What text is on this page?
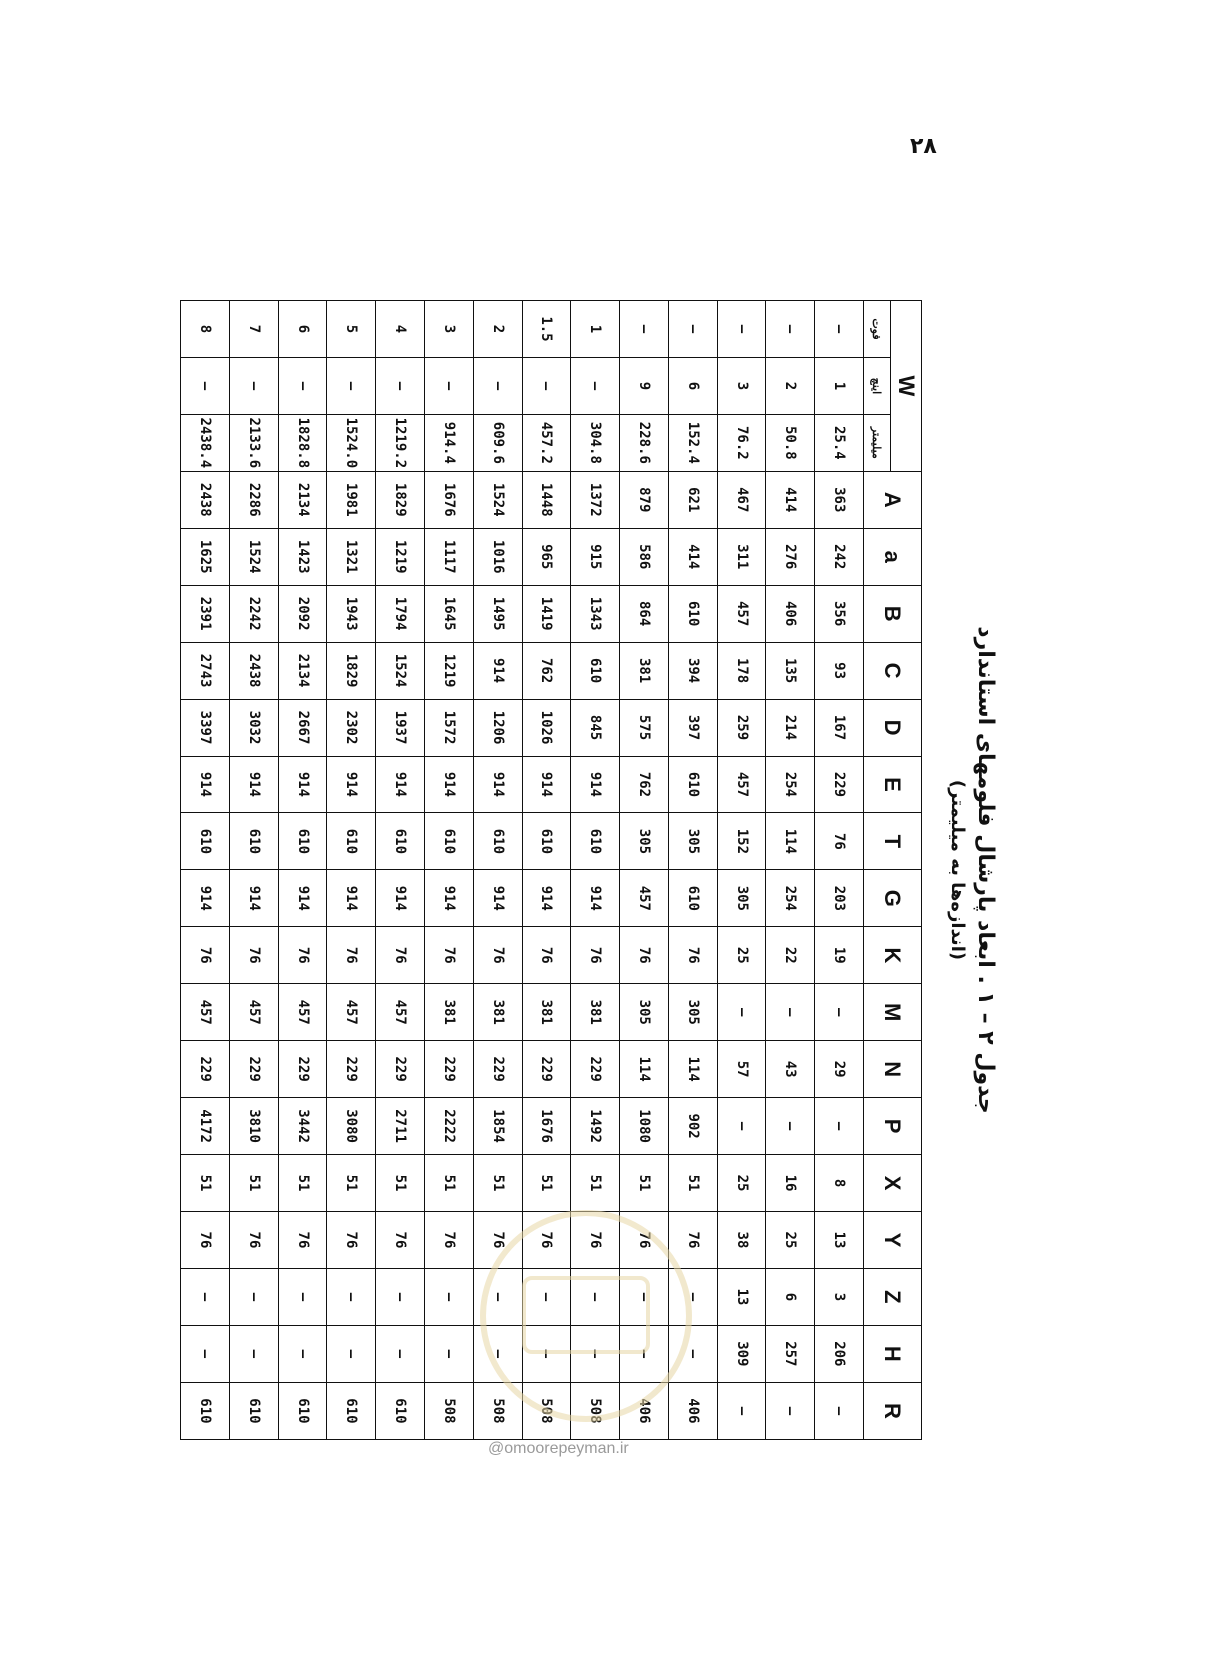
۲۸
جدول ۲ – ۱ . ابعاد پارشال فلومهای استاندارد
(اندازه‌ها به میلیمتر)
W			A	a	B	C	D	E	T	G	K	M	N	P	X	Y	Z	H	R
فوت	اینچ	میلیمتر																	
–	1	25.4	363	242	356	93	167	229	76	203	19	—	29	—	8	13	3	206	—
–	2	50.8	414	276	406	135	214	254	114	254	22	—	43	—	16	25	6	257	—
–	3	76.2	467	311	457	178	259	457	152	305	25	—	57	—	25	38	13	309	—
–	6	152.4	621	414	610	394	397	610	305	610	76	305	114	902	51	76	—	—	406
–	9	228.6	879	586	864	381	575	762	305	457	76	305	114	1080	51	76	—	—	406
1	–	304.8	1372	915	1343	610	845	914	610	914	76	381	229	1492	51	76	—	—	508
1.5	–	457.2	1448	965	1419	762	1026	914	610	914	76	381	229	1676	51	76	—	—	508
2	–	609.6	1524	1016	1495	914	1206	914	610	914	76	381	229	1854	51	76	—	—	508
3	–	914.4	1676	1117	1645	1219	1572	914	610	914	76	381	229	2222	51	76	—	—	508
4	–	1219.2	1829	1219	1794	1524	1937	914	610	914	76	457	229	2711	51	76	—	—	610
5	–	1524.0	1981	1321	1943	1829	2302	914	610	914	76	457	229	3080	51	76	—	—	610
6	–	1828.8	2134	1423	2092	2134	2667	914	610	914	76	457	229	3442	51	76	—	—	610
7	–	2133.6	2286	1524	2242	2438	3032	914	610	914	76	457	229	3810	51	76	—	—	610
8	–	2438.4	2438	1625	2391	2743	3397	914	610	914	76	457	229	4172	51	76	—	—	610
@omoorepeyman.ir
